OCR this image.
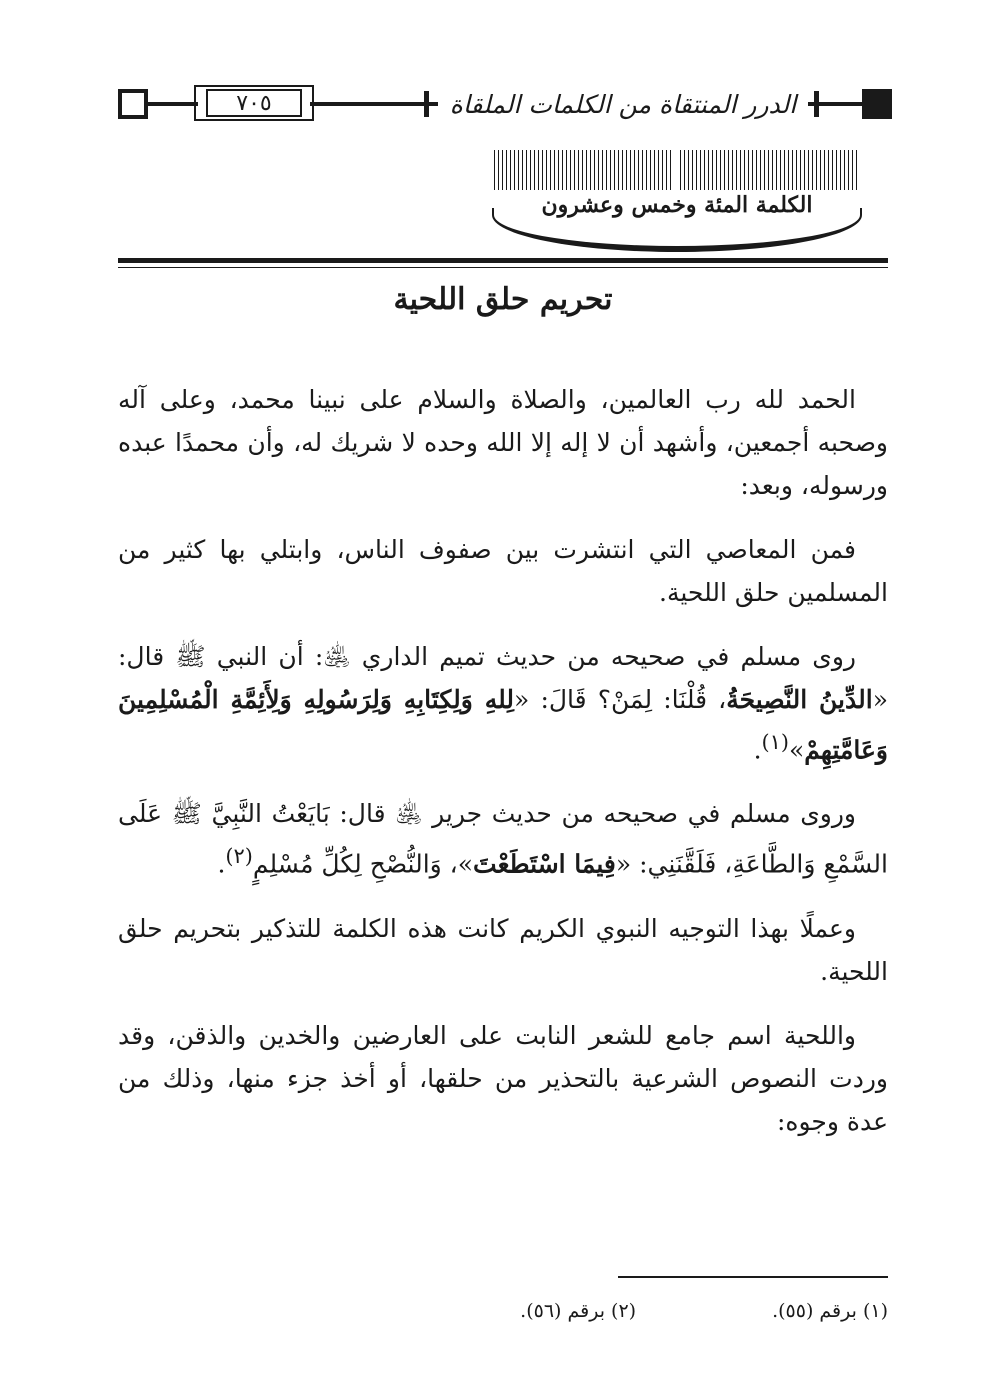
٧٠٥	الدرر المنتقاة من الكلمات الملقاة
الكلمة المئة وخمس وعشرون
تحريم حلق اللحية

الحمد لله رب العالمين، والصلاة والسلام على نبينا محمد، وعلى آله وصحبه أجمعين، وأشهد أن لا إله إلا الله وحده لا شريك له، وأن محمدًا عبده ورسوله، وبعد:

فمن المعاصي التي انتشرت بين صفوف الناس، وابتلي بها كثير من المسلمين حلق اللحية.

روى مسلم في صحيحه من حديث تميم الداري ﵁: أن النبي ﷺ قال: «الدِّينُ النَّصِيحَةُ، قُلْنَا: لِمَنْ؟ قَالَ: «لِلهِ وَلِكِتَابِهِ وَلِرَسُولِهِ وَلِأَئِمَّةِ الْمُسْلِمِينَ وَعَامَّتِهِمْ»$^{(١)}$.

وروى مسلم في صحيحه من حديث جرير ﵁ قال: بَايَعْتُ النَّبِيَّ ﷺ عَلَى السَّمْعِ وَالطَّاعَةِ، فَلَقَّنَنِي: «فِيمَا اسْتَطَعْتَ»، وَالنُّصْحِ لِكُلِّ مُسْلِمٍ$^{(٢)}$.

وعملًا بهذا التوجيه النبوي الكريم كانت هذه الكلمة للتذكير بتحريم حلق اللحية.

واللحية اسم جامع للشعر النابت على العارضين والخدين والذقن، وقد وردت النصوص الشرعية بالتحذير من حلقها، أو أخذ جزء منها، وذلك من عدة وجوه:

(١) برقم (٥٥).
(٢) برقم (٥٦).
